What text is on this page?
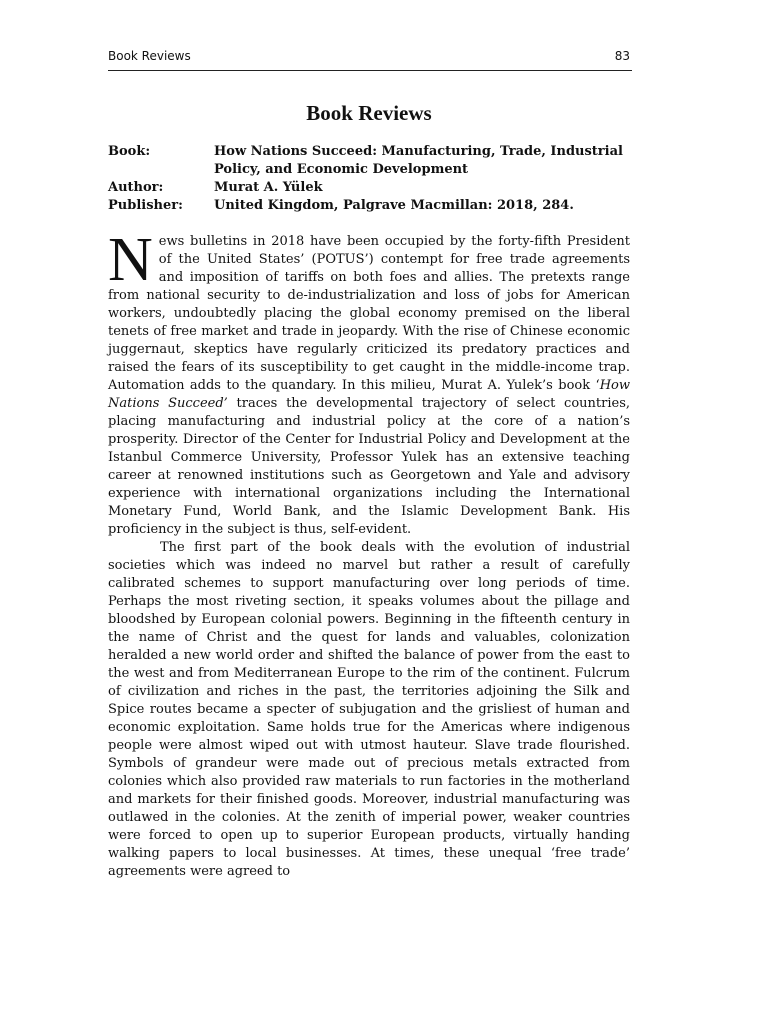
Book Reviews	83
Book Reviews
Book:	How Nations Succeed: Manufacturing, Trade, Industrial Policy, and Economic Development
Author:	Murat A. Yülek
Publisher:	United Kingdom, Palgrave Macmillan: 2018, 284.

News bulletins in 2018 have been occupied by the forty-fifth President of the United States’ (POTUS’) contempt for free trade agreements and imposition of tariffs on both foes and allies. The pretexts range from national security to de-industrialization and loss of jobs for American workers, undoubtedly placing the global economy premised on the liberal tenets of free market and trade in jeopardy. With the rise of Chinese economic juggernaut, skeptics have regularly criticized its predatory practices and raised the fears of its susceptibility to get caught in the middle-income trap. Automation adds to the quandary. In this milieu, Murat A. Yulek’s book ‘How Nations Succeed’ traces the developmental trajectory of select countries, placing manufacturing and industrial policy at the core of a nation’s prosperity. Director of the Center for Industrial Policy and Development at the Istanbul Commerce University, Professor Yulek has an extensive teaching career at renowned institutions such as Georgetown and Yale and advisory experience with international organizations including the International Monetary Fund, World Bank, and the Islamic Development Bank. His proficiency in the subject is thus, self-evident.

The first part of the book deals with the evolution of industrial societies which was indeed no marvel but rather a result of carefully calibrated schemes to support manufacturing over long periods of time. Perhaps the most riveting section, it speaks volumes about the pillage and bloodshed by European colonial powers. Beginning in the fifteenth century in the name of Christ and the quest for lands and valuables, colonization heralded a new world order and shifted the balance of power from the east to the west and from Mediterranean Europe to the rim of the continent. Fulcrum of civilization and riches in the past, the territories adjoining the Silk and Spice routes became a specter of subjugation and the grisliest of human and economic exploitation. Same holds true for the Americas where indigenous people were almost wiped out with utmost hauteur. Slave trade flourished. Symbols of grandeur were made out of precious metals extracted from colonies which also provided raw materials to run factories in the motherland and markets for their finished goods. Moreover, industrial manufacturing was outlawed in the colonies. At the zenith of imperial power, weaker countries were forced to open up to superior European products, virtually handing walking papers to local businesses. At times, these unequal ‘free trade’ agreements were agreed to
